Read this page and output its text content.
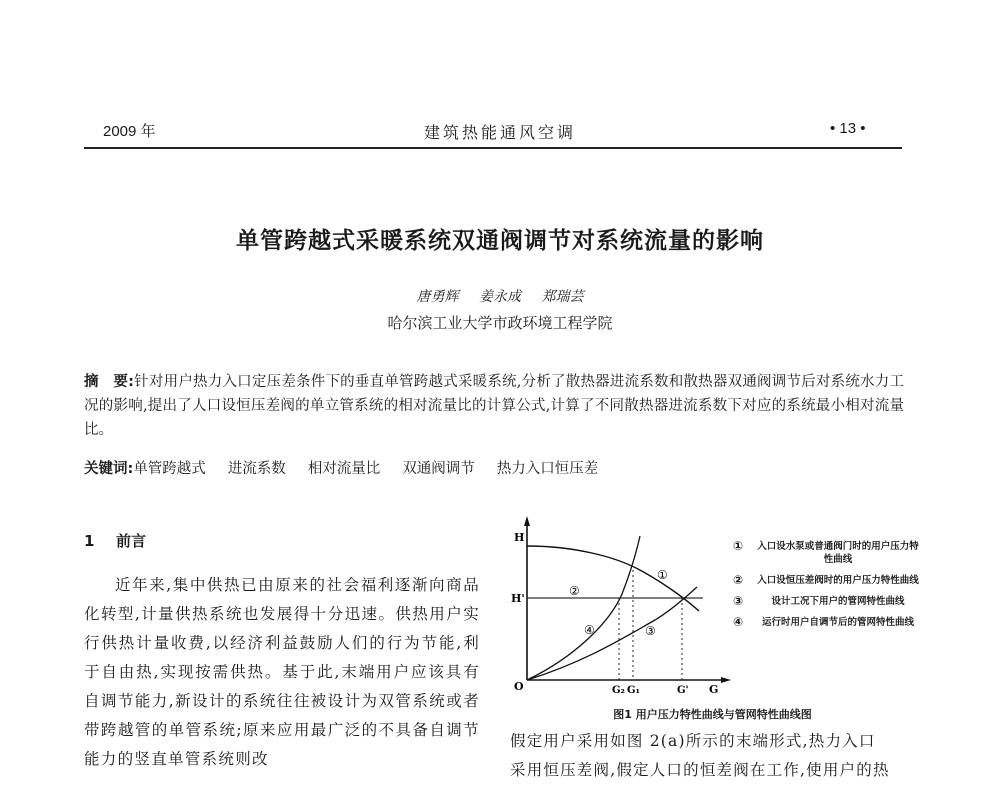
2009 年	建筑热能通风空调	• 13 •
单管跨越式采暖系统双通阀调节对系统流量的影响
唐勇辉 姜永成 郑瑞芸
哈尔滨工业大学市政环境工程学院
摘　要:针对用户热力入口定压差条件下的垂直单管跨越式采暖系统,分析了散热器进流系数和散热器双通阀调节后对系统水力工况的影响,提出了人口设恒压差阀的单立管系统的相对流量比的计算公式,计算了不同散热器进流系数下对应的系统最小相对流量比。
关键词:单管跨越式 进流系数 相对流量比 双通阀调节 热力入口恒压差
1 前言

近年来,集中供热已由原来的社会福利逐渐向商品化转型,计量供热系统也发展得十分迅速。供热用户实行供热计量收费,以经济利益鼓励人们的行为节能,利于自由热,实现按需供热。基于此,末端用户应该具有自调节能力,新设计的系统往往被设计为双管系统或者带跨越管的单管系统;原来应用最广泛的不具备自调节能力的竖直单管系统则改

H
H'
O	G₂ G₁	G' G
①
②
③
④
①	入口设水泵或普通阀门时的用户压力特性曲线
②	入口设恒压差阀时的用户压力特性曲线
③	设计工况下用户的管网特性曲线
④	运行时用户自调节后的管网特性曲线
图1 用户压力特性曲线与管网特性曲线图

假定用户采用如图 2(a)所示的末端形式,热力入口

采用恒压差阀,假定人口的恒差阀在工作,使用户的热
